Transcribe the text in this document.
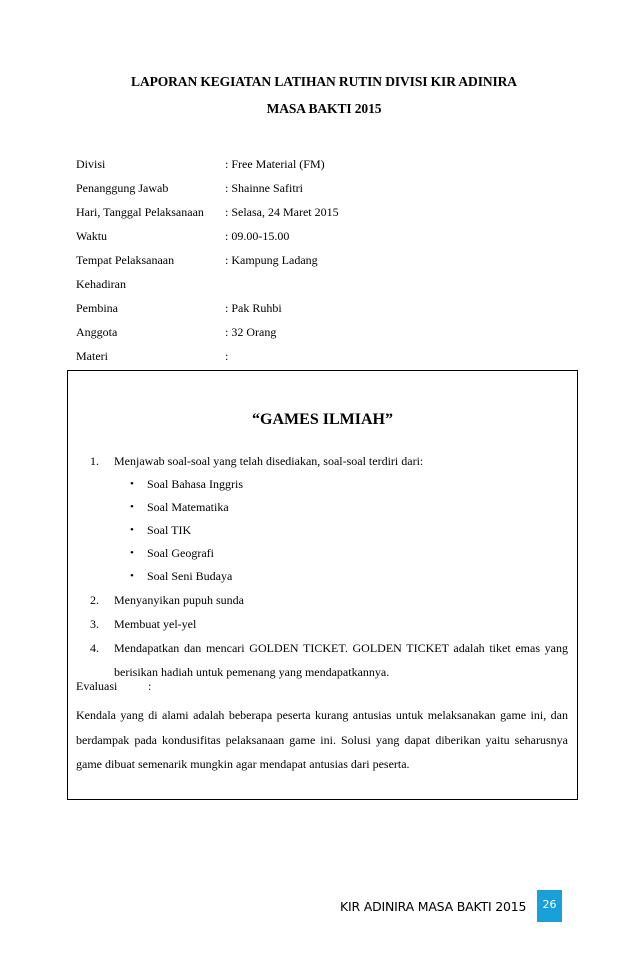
LAPORAN KEGIATAN LATIHAN RUTIN DIVISI KIR ADINIRA
MASA BAKTI 2015
Divisi	: Free Material (FM)
Penanggung Jawab	: Shainne Safitri
Hari, Tanggal Pelaksanaan	: Selasa, 24 Maret 2015
Waktu	: 09.00-15.00
Tempat Pelaksanaan	: Kampung Ladang
Kehadiran
Pembina	: Pak Ruhbi
Anggota	: 32 Orang
Materi	:
“GAMES ILMIAH”
1.	Menjawab soal-soal yang telah disediakan, soal-soal terdiri dari:
•	Soal Bahasa Inggris
•	Soal Matematika
•	Soal TIK
•	Soal Geografi
•	Soal Seni Budaya
2.	Menyanyikan pupuh sunda
3.	Membuat yel-yel
4.	Mendapatkan dan mencari GOLDEN TICKET. GOLDEN TICKET adalah tiket emas yang berisikan hadiah untuk pemenang yang mendapatkannya.
Evaluasi	:
Kendala yang di alami adalah beberapa peserta kurang antusias untuk melaksanakan game ini, dan berdampak pada kondusifitas pelaksanaan game ini. Solusi yang dapat diberikan yaitu seharusnya game dibuat semenarik mungkin agar mendapat antusias dari peserta.
KIR ADINIRA MASA BAKTI 2015	26
